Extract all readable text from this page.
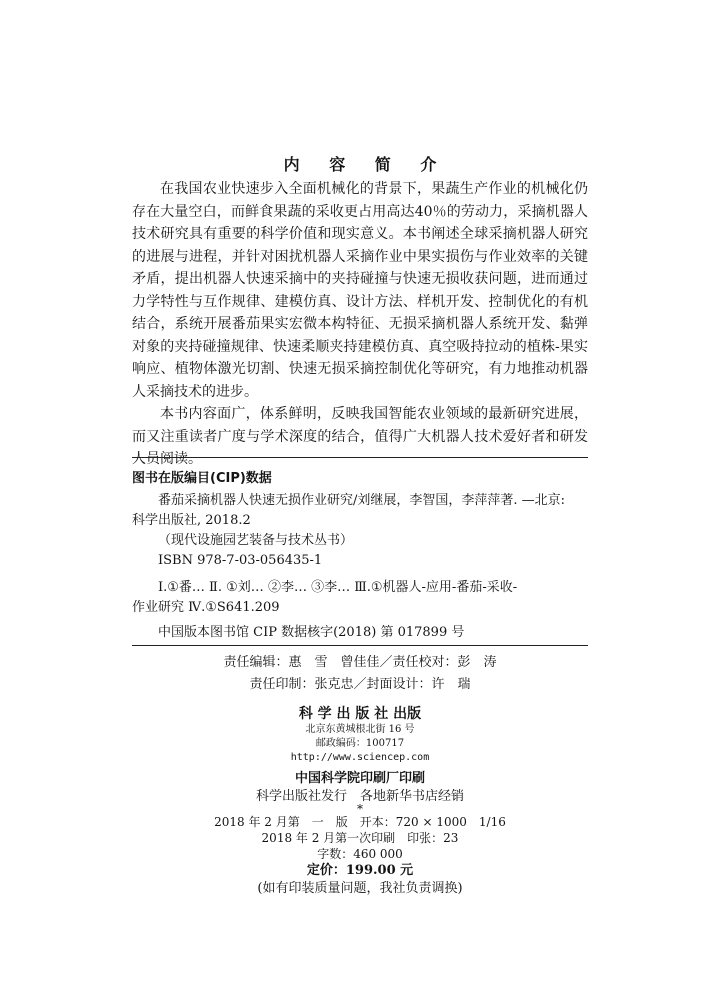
内 容 简 介

在我国农业快速步入全面机械化的背景下，果蔬生产作业的机械化仍存在大量空白，而鲜食果蔬的采收更占用高达40％的劳动力，采摘机器人技术研究具有重要的科学价值和现实意义。本书阐述全球采摘机器人研究的进展与进程，并针对困扰机器人采摘作业中果实损伤与作业效率的关键矛盾，提出机器人快速采摘中的夹持碰撞与快速无损收获问题，进而通过力学特性与互作规律、建模仿真、设计方法、样机开发、控制优化的有机结合，系统开展番茄果实宏微本构特征、无损采摘机器人系统开发、黏弹对象的夹持碰撞规律、快速柔顺夹持建模仿真、真空吸持拉动的植株-果实响应、植物体激光切割、快速无损采摘控制优化等研究，有力地推动机器人采摘技术的进步。

本书内容面广，体系鲜明，反映我国智能农业领域的最新研究进展，而又注重读者广度与学术深度的结合，值得广大机器人技术爱好者和研发人员阅读。

图书在版编目(CIP)数据
番茄采摘机器人快速无损作业研究/刘继展，李智国，李萍萍著. —北京:
科学出版社, 2018.2
（现代设施园艺装备与技术丛书）
ISBN 978-7-03-056435-1
Ⅰ.①番… Ⅱ. ①刘… ②李… ③李… Ⅲ.①机器人-应用-番茄-采收-
作业研究 Ⅳ.①S641.209
中国版本图书馆 CIP 数据核字(2018) 第 017899 号
责任编辑：惠　雪　曾佳佳／责任校对：彭　涛
责任印制：张克忠／封面设计：许　瑞
科 学 出 版 社 出版
北京东黄城根北街 16 号
邮政编码：100717
http://www.sciencep.com
中国科学院印刷厂印刷
科学出版社发行　各地新华书店经销
*
2018 年 2 月第　一　版　开本：720 × 1000　1/16
2018 年 2 月第一次印刷　印张：23
字数：460 000
定价：199.00 元
(如有印装质量问题，我社负责调换)
